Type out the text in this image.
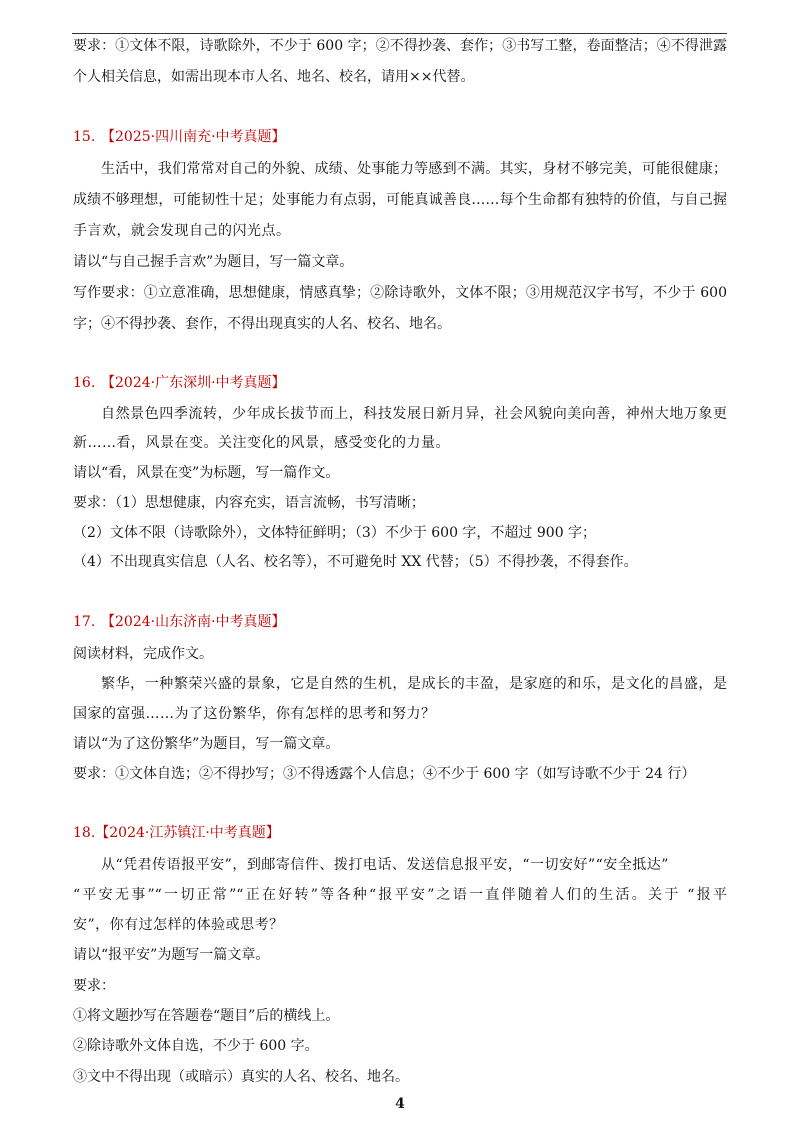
要求：①文体不限，诗歌除外，不少于 600 字；②不得抄袭、套作；③书写工整，卷面整洁；④不得泄露
个人相关信息，如需出现本市人名、地名、校名，请用××代替。
15. 【2025·四川南充·中考真题】
生活中，我们常常对自己的外貌、成绩、处事能力等感到不满。其实，身材不够完美，可能很健康；
成绩不够理想，可能韧性十足；处事能力有点弱，可能真诚善良……每个生命都有独特的价值，与自己握
手言欢，就会发现自己的闪光点。
请以“与自己握手言欢”为题目，写一篇文章。
写作要求：①立意准确，思想健康，情感真挚；②除诗歌外，文体不限；③用规范汉字书写，不少于 600
字；④不得抄袭、套作，不得出现真实的人名、校名、地名。
16. 【2024·广东深圳·中考真题】
自然景色四季流转，少年成长拔节而上，科技发展日新月异，社会风貌向美向善，神州大地万象更
新……看，风景在变。关注变化的风景，感受变化的力量。
请以“看，风景在变”为标题，写一篇作文。
要求：（1）思想健康，内容充实，语言流畅，书写清晰；
（2）文体不限（诗歌除外），文体特征鲜明；（3）不少于 600 字，不超过 900 字；
（4）不出现真实信息（人名、校名等），不可避免时 XX 代替；（5）不得抄袭，不得套作。
17. 【2024·山东济南·中考真题】
阅读材料，完成作文。
繁华，一种繁荣兴盛的景象，它是自然的生机，是成长的丰盈，是家庭的和乐，是文化的昌盛，是
国家的富强……为了这份繁华，你有怎样的思考和努力？
请以“为了这份繁华”为题目，写一篇文章。
要求：①文体自选；②不得抄写；③不得透露个人信息；④不少于 600 字（如写诗歌不少于 24 行）
18.【2024·江苏镇江·中考真题】
从“凭君传语报平安”，到邮寄信件、拨打电话、发送信息报平安，“一切安好”“安全抵达”
“平安无事”“一切正常”“正在好转”等各种“报平安”之语一直伴随着人们的生活。关于 “报平
安”，你有过怎样的体验或思考？
请以“报平安”为题写一篇文章。
要求：
①将文题抄写在答题卷“题目”后的横线上。
②除诗歌外文体自选，不少于 600 字。
③文中不得出现（或暗示）真实的人名、校名、地名。
4
